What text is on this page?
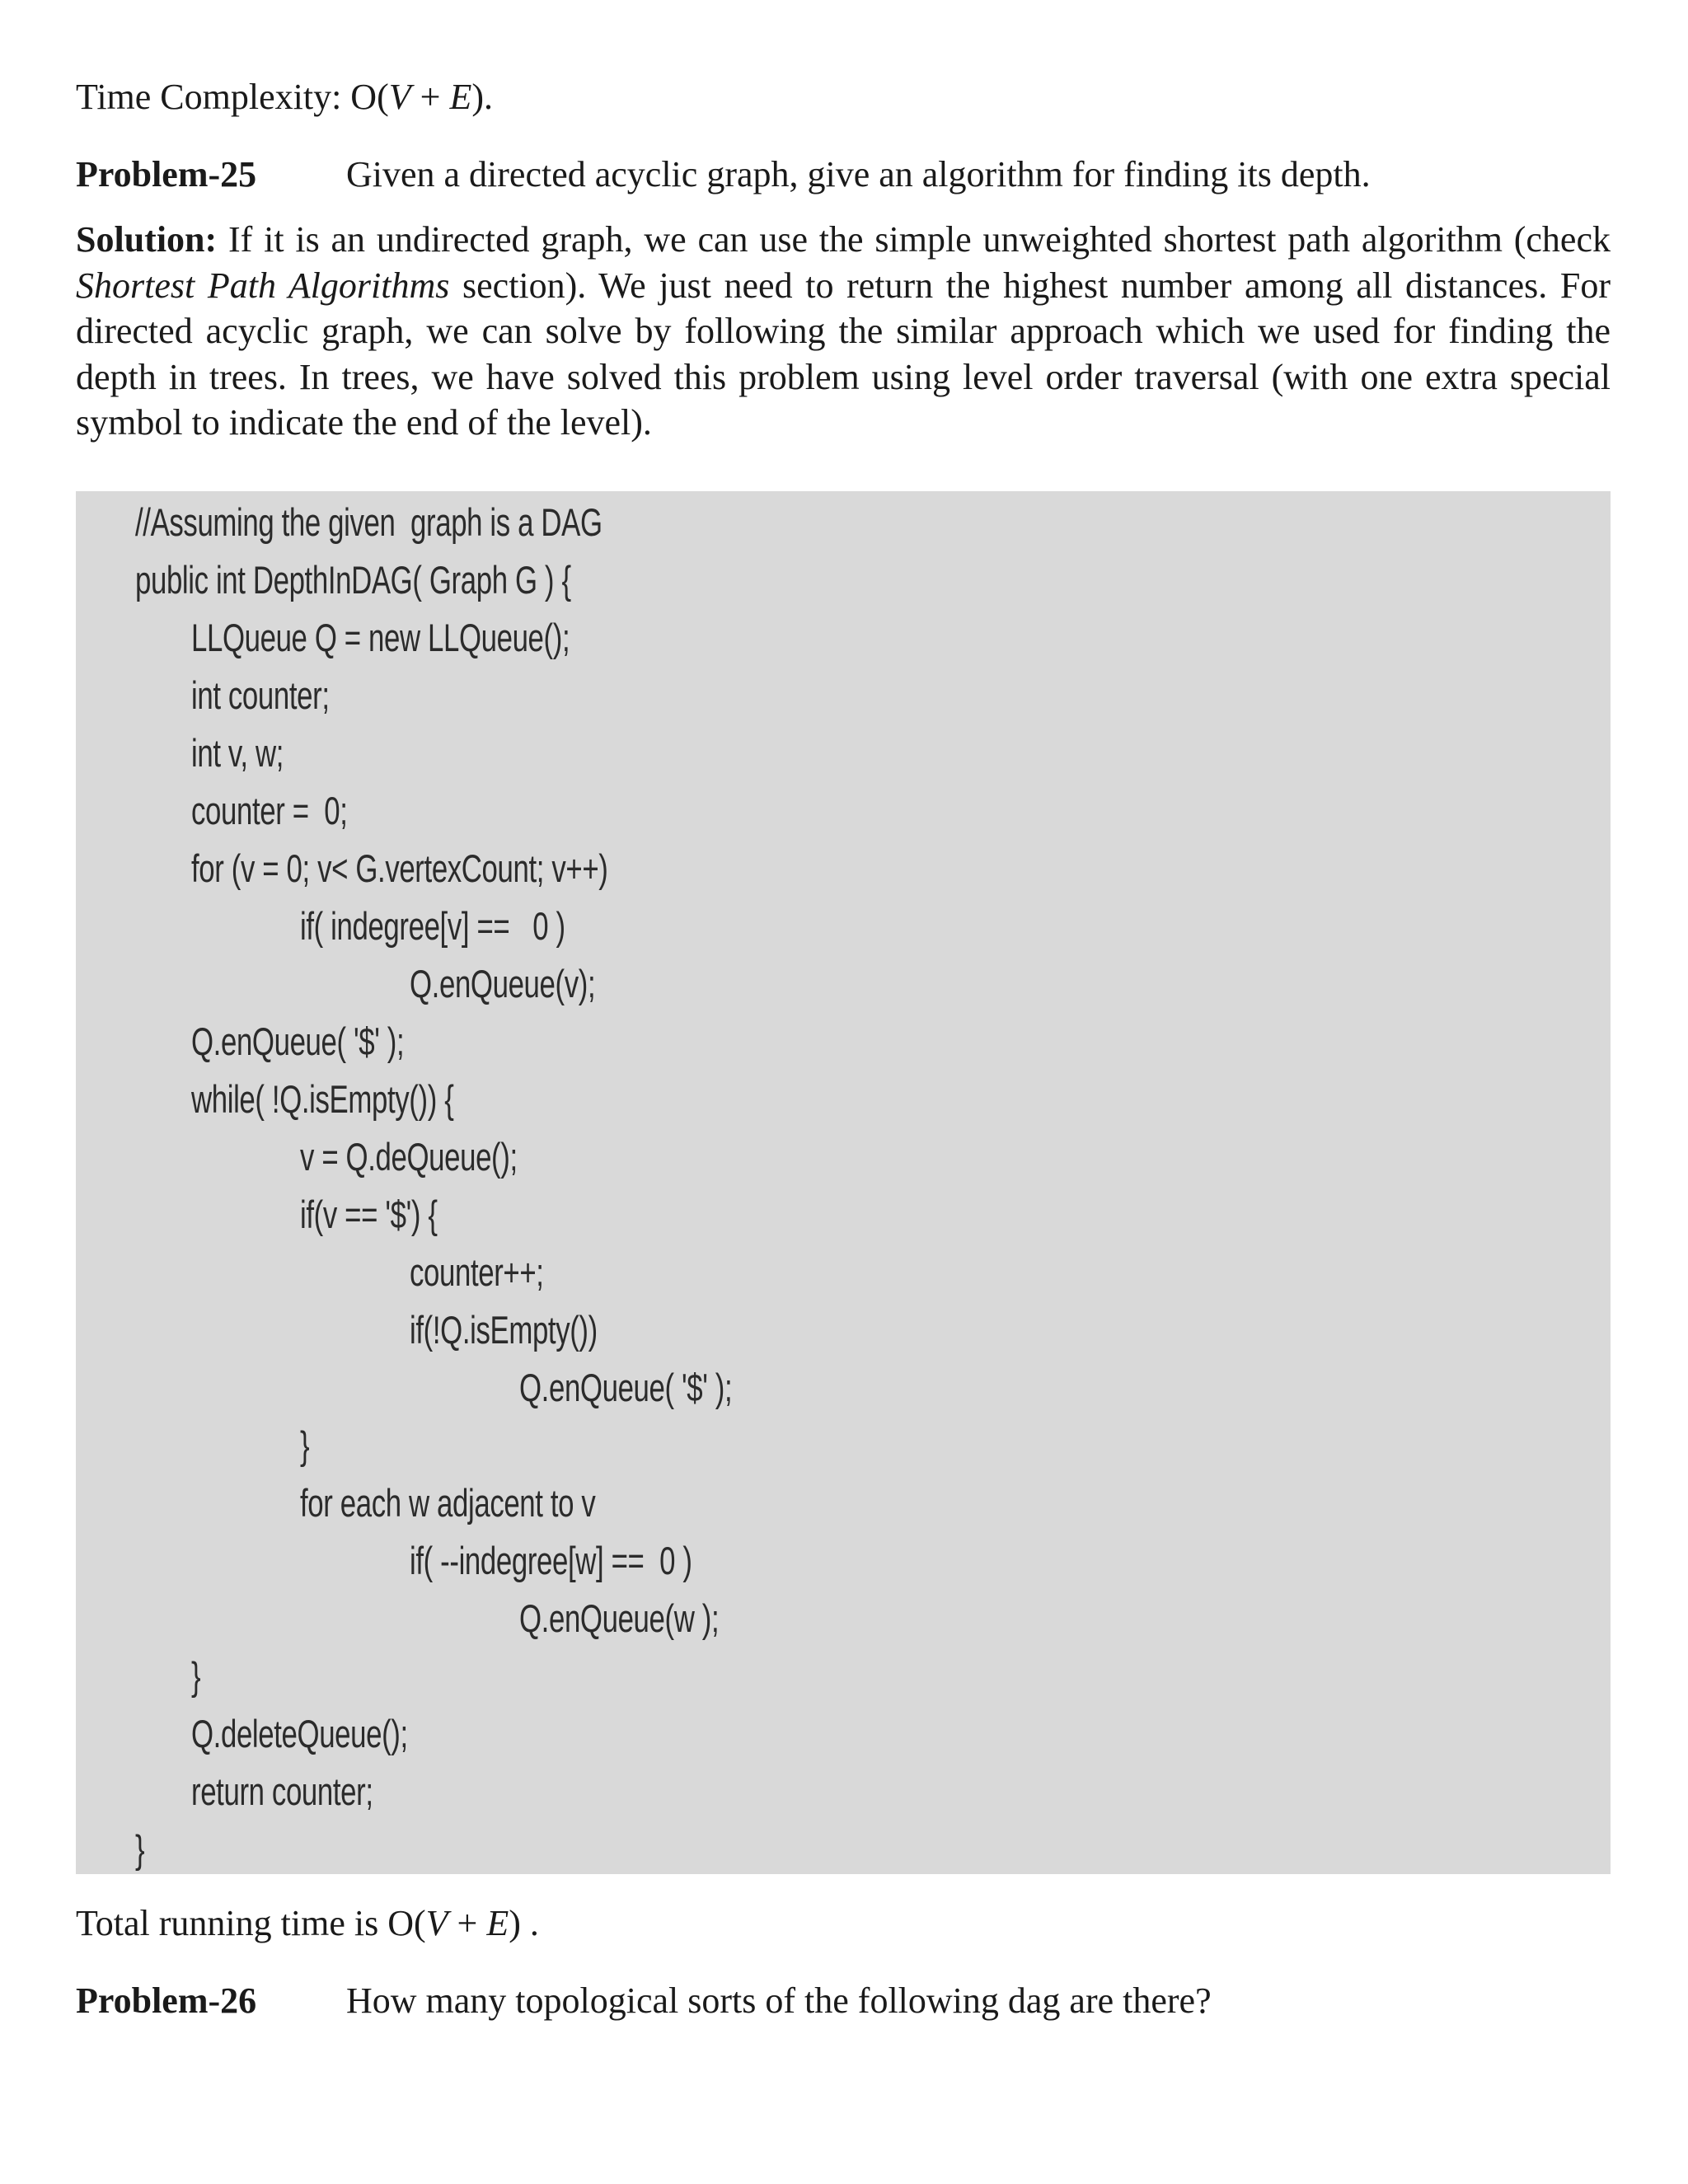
Time Complexity: O(V + E).
Problem-25 Given a directed acyclic graph, give an algorithm for finding its depth.
Solution: If it is an undirected graph, we can use the simple unweighted shortest path algorithm (check Shortest Path Algorithms section). We just need to return the highest number among all distances. For directed acyclic graph, we can solve by following the similar approach which we used for finding the depth in trees. In trees, we have solved this problem using level order traversal (with one extra special symbol to indicate the end of the level).
//Assuming the given  graph is a DAG
public int DepthInDAG( Graph G ) {
LLQueue Q = new LLQueue();
int counter;
int v, w;
counter =  0;
for (v = 0; v< G.vertexCount; v++)
if( indegree[v] ==   0 )
Q.enQueue(v);
Q.enQueue( '$' );
while( !Q.isEmpty()) {
v = Q.deQueue();
if(v == '$') {
counter++;
if(!Q.isEmpty())
Q.enQueue( '$' );
}
for each w adjacent to v
if( --indegree[w] ==  0 )
Q.enQueue(w );
}
Q.deleteQueue();
return counter;
}
Total running time is O(V + E) .
Problem-26 How many topological sorts of the following dag are there?
